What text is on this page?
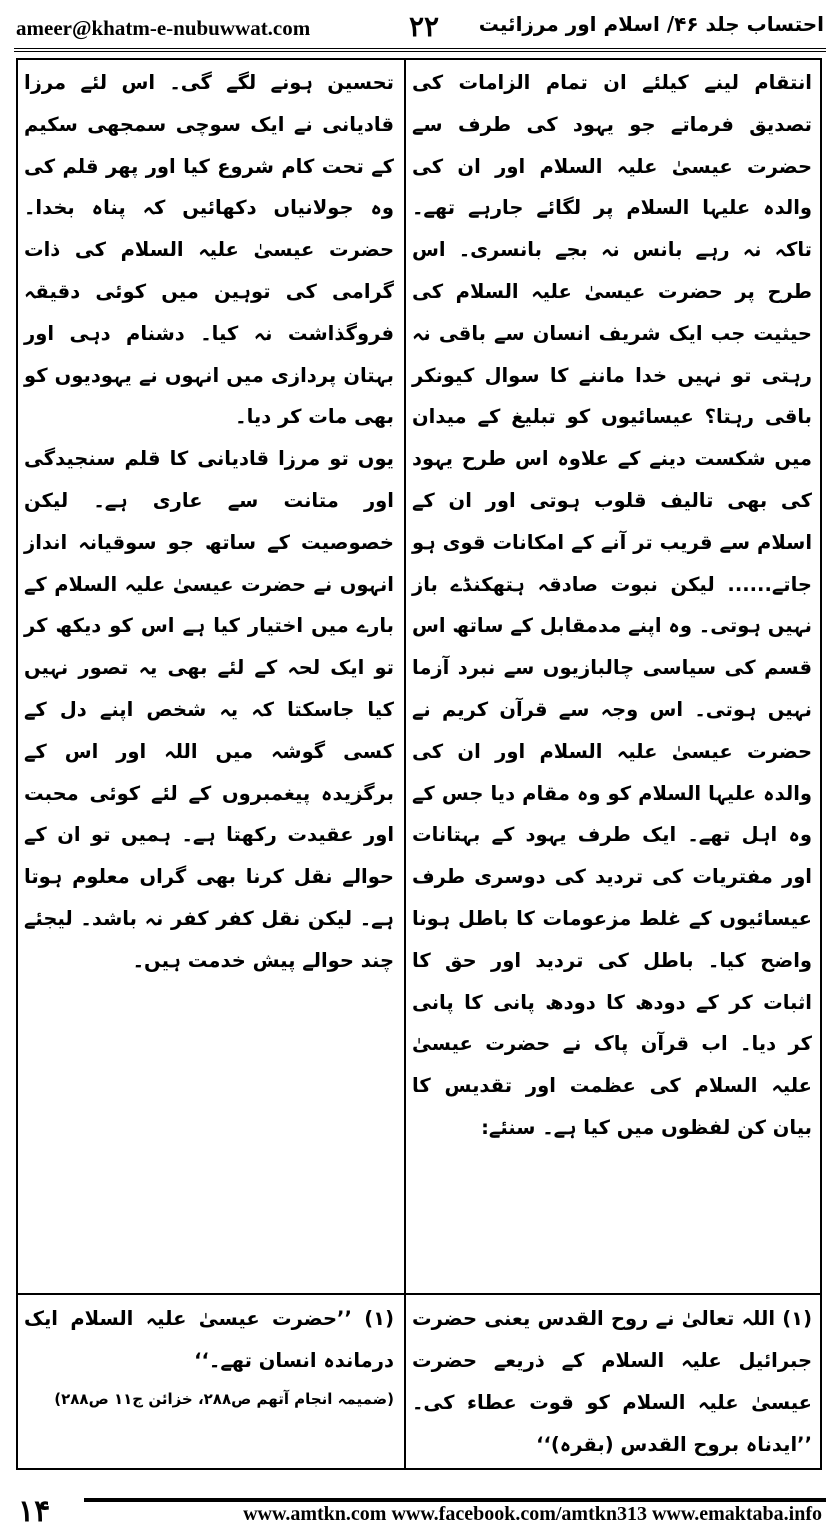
ameer@khatm-e-nubuwwat.com	۲۲ احتساب جلد ۴۶/ اسلام اور مرزائیت

انتقام لینے کیلئے ان تمام الزامات کی تصدیق فرماتے جو یہود کی طرف سے حضرت عیسیٰ علیہ السلام اور ان کی والدہ علیہا السلام پر لگائے جارہے تھے۔ تاکہ نہ رہے بانس نہ بجے بانسری۔ اس طرح پر حضرت عیسیٰ علیہ السلام کی حیثیت جب ایک شریف انسان سے باقی نہ رہتی تو نہیں خدا ماننے کا سوال کیونکر باقی رہتا؟ عیسائیوں کو تبلیغ کے میدان میں شکست دینے کے علاوہ اس طرح یہود کی بھی تالیف قلوب ہوتی اور ان کے اسلام سے قریب تر آنے کے امکانات قوی ہو جاتے...... لیکن نبوت صادقہ ہتھکنڈے باز نہیں ہوتی۔ وہ اپنے مدمقابل کے ساتھ اس قسم کی سیاسی چالبازیوں سے نبرد آزما نہیں ہوتی۔ اس وجہ سے قرآن کریم نے حضرت عیسیٰ علیہ السلام اور ان کی والدہ علیہا السلام کو وہ مقام دیا جس کے وہ اہل تھے۔ ایک طرف یہود کے بہتانات اور مفتریات کی تردید کی دوسری طرف عیسائیوں کے غلط مزعومات کا باطل ہونا واضح کیا۔ باطل کی تردید اور حق کا اثبات کر کے دودھ کا دودھ پانی کا پانی کر دیا۔ اب قرآن پاک نے حضرت عیسیٰ علیہ السلام کی عظمت اور تقدیس کا بیان کن لفظوں میں کیا ہے۔ سنئے:

تحسین ہونے لگے گی۔ اس لئے مرزا قادیانی نے ایک سوچی سمجھی سکیم کے تحت کام شروع کیا اور پھر قلم کی وہ جولانیاں دکھائیں کہ پناہ بخدا۔ حضرت عیسیٰ علیہ السلام کی ذات گرامی کی توہین میں کوئی دقیقہ فروگذاشت نہ کیا۔ دشنام دہی اور بہتان پردازی میں انہوں نے یہودیوں کو بھی مات کر دیا۔

یوں تو مرزا قادیانی کا قلم سنجیدگی اور متانت سے عاری ہے۔ لیکن خصوصیت کے ساتھ جو سوقیانہ انداز انہوں نے حضرت عیسیٰ علیہ السلام کے بارے میں اختیار کیا ہے اس کو دیکھ کر تو ایک لحہ کے لئے بھی یہ تصور نہیں کیا جاسکتا کہ یہ شخص اپنے دل کے کسی گوشہ میں اللہ اور اس کے برگزیدہ پیغمبروں کے لئے کوئی محبت اور عقیدت رکھتا ہے۔ ہمیں تو ان کے حوالے نقل کرنا بھی گراں معلوم ہوتا ہے۔ لیکن نقل کفر کفر نہ باشد۔ لیجئے چند حوالے پیش خدمت ہیں۔

(۱) اللہ تعالیٰ نے روح القدس یعنی حضرت جبرائیل علیہ السلام کے ذریعے حضرت عیسیٰ علیہ السلام کو قوت عطاء کی۔ ’’ایدناہ بروح القدس (بقرہ)‘‘

(۱) ’’حضرت عیسیٰ علیہ السلام ایک درماندہ انسان تھے۔‘‘

(ضمیمہ انجام آتھم ص۲۸۸، خزائن ج۱۱ ص۲۸۸)

۱۴	www.amtkn.com www.facebook.com/amtkn313 www.emaktaba.info
